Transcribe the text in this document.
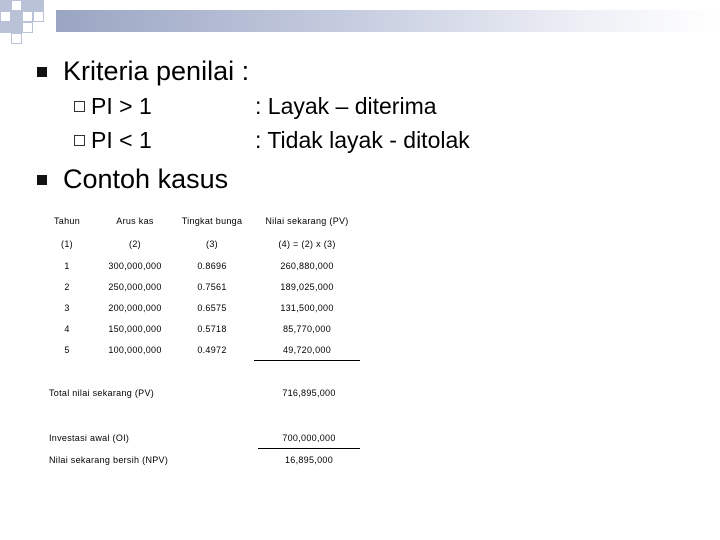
Kriteria penilai :
PI > 1	: Layak – diterima
PI < 1	: Tidak layak - ditolak
Contoh kasus
Tahun	Arus kas	Tingkat bunga	Nilai sekarang (PV)
(1)	(2)	(3)	(4) = (2) x (3)
1	300,000,000	0.8696	260,880,000
2	250,000,000	0.7561	189,025,000
3	200,000,000	0.6575	131,500,000
4	150,000,000	0.5718	85,770,000
5	100,000,000	0.4972	49,720,000
Total nilai sekarang (PV)	716,895,000
Investasi awal (OI)	700,000,000
Nilai sekarang bersih (NPV)	16,895,000
